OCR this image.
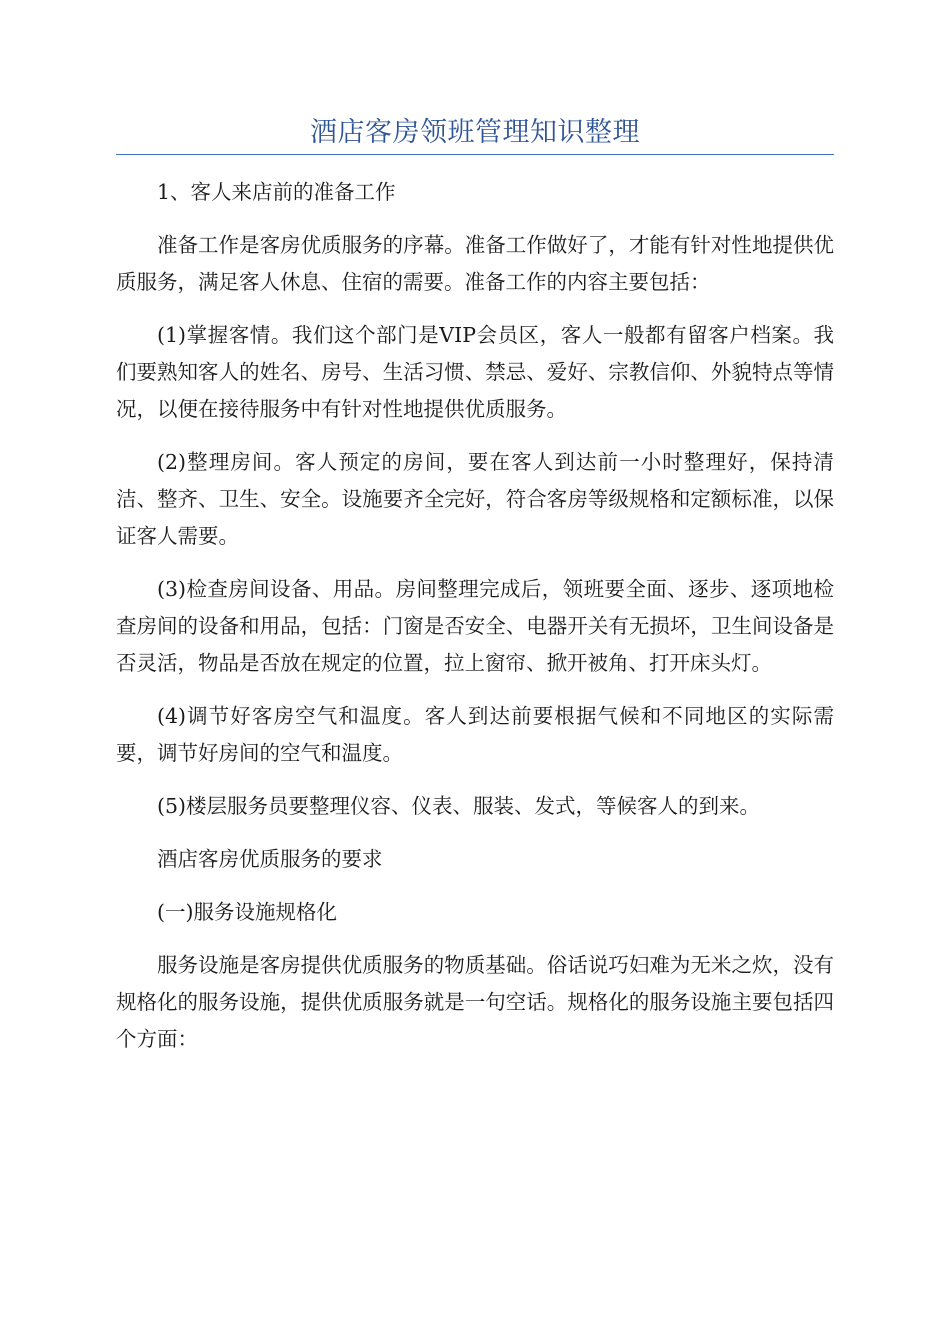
酒店客房领班管理知识整理

1、客人来店前的准备工作

准备工作是客房优质服务的序幕。准备工作做好了，才能有针对性地提供优质服务，满足客人休息、住宿的需要。准备工作的内容主要包括：

(1)掌握客情。我们这个部门是VIP会员区，客人一般都有留客户档案。我们要熟知客人的姓名、房号、生活习惯、禁忌、爱好、宗教信仰、外貌特点等情况，以便在接待服务中有针对性地提供优质服务。

(2)整理房间。客人预定的房间，要在客人到达前一小时整理好，保持清洁、整齐、卫生、安全。设施要齐全完好，符合客房等级规格和定额标准，以保证客人需要。

(3)检查房间设备、用品。房间整理完成后，领班要全面、逐步、逐项地检查房间的设备和用品，包括：门窗是否安全、电器开关有无损坏，卫生间设备是否灵活，物品是否放在规定的位置，拉上窗帘、掀开被角、打开床头灯。

(4)调节好客房空气和温度。客人到达前要根据气候和不同地区的实际需要，调节好房间的空气和温度。

(5)楼层服务员要整理仪容、仪表、服装、发式，等候客人的到来。

酒店客房优质服务的要求

(一)服务设施规格化

服务设施是客房提供优质服务的物质基础。俗话说巧妇难为无米之炊，没有规格化的服务设施，提供优质服务就是一句空话。规格化的服务设施主要包括四个方面：
